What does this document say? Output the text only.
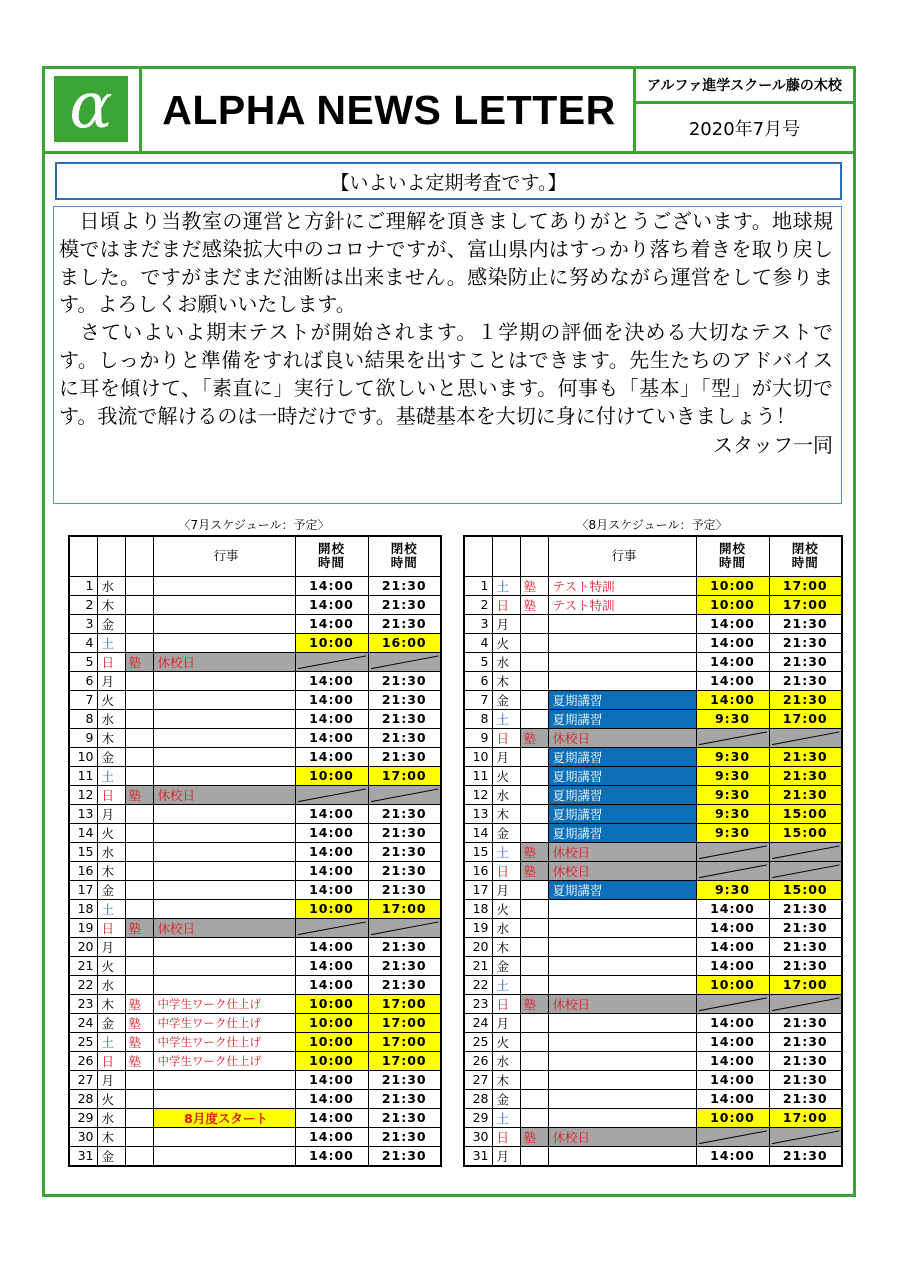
α	ALPHA NEWS LETTER
アルファ進学スクール藤の木校
2020年7月号
【いよいよ定期考査です。】

　日頃より当教室の運営と方針にご理解を頂きましてありがとうございます。地球規模ではまだまだ感染拡大中のコロナですが、富山県内はすっかり落ち着きを取り戻しました。ですがまだまだ油断は出来ません。感染防止に努めながら運営をして参ります。よろしくお願いいたします。

　さていよいよ期末テストが開始されます。１学期の評価を決める大切なテストです。しっかりと準備をすれば良い結果を出すことはできます。先生たちのアドバイスに耳を傾けて、「素直に」実行して欲しいと思います。何事も「基本」「型」が大切です。我流で解けるのは一時だけです。基礎基本を大切に身に付けていきましょう！

スタッフ一同

〈7月スケジュール：予定〉	〈8月スケジュール：予定〉
			行事	開校
時間	閉校
時間
1	水			14:00	21:30
2	木			14:00	21:30
3	金			14:00	21:30
4	土			10:00	16:00
5	日	塾	休校日	

6	月			14:00	21:30
7	火			14:00	21:30
8	水			14:00	21:30
9	木			14:00	21:30
10	金			14:00	21:30
11	土			10:00	17:00
12	日	塾	休校日	

13	月			14:00	21:30
14	火			14:00	21:30
15	水			14:00	21:30
16	木			14:00	21:30
17	金			14:00	21:30
18	土			10:00	17:00
19	日	塾	休校日	

20	月			14:00	21:30
21	火			14:00	21:30
22	水			14:00	21:30
23	木	塾	中学生ワーク仕上げ	10:00	17:00
24	金	塾	中学生ワーク仕上げ	10:00	17:00
25	土	塾	中学生ワーク仕上げ	10:00	17:00
26	日	塾	中学生ワーク仕上げ	10:00	17:00
27	月			14:00	21:30
28	火			14:00	21:30
29	水		8月度スタート	14:00	21:30
30	木			14:00	21:30
31	金			14:00	21:30
			行事	開校
時間	閉校
時間
1	土	塾	テスト特訓	10:00	17:00
2	日	塾	テスト特訓	10:00	17:00
3	月			14:00	21:30
4	火			14:00	21:30
5	水			14:00	21:30
6	木			14:00	21:30
7	金		夏期講習	14:00	21:30
8	土		夏期講習	9:30	17:00
9	日	塾	休校日	

10	月		夏期講習	9:30	21:30
11	火		夏期講習	9:30	21:30
12	水		夏期講習	9:30	21:30
13	木		夏期講習	9:30	15:00
14	金		夏期講習	9:30	15:00
15	土	塾	休校日	

16	日	塾	休校日	

17	月		夏期講習	9:30	15:00
18	火			14:00	21:30
19	水			14:00	21:30
20	木			14:00	21:30
21	金			14:00	21:30
22	土			10:00	17:00
23	日	塾	休校日	

24	月			14:00	21:30
25	火			14:00	21:30
26	水			14:00	21:30
27	木			14:00	21:30
28	金			14:00	21:30
29	土			10:00	17:00
30	日	塾	休校日	

31	月			14:00	21:30
